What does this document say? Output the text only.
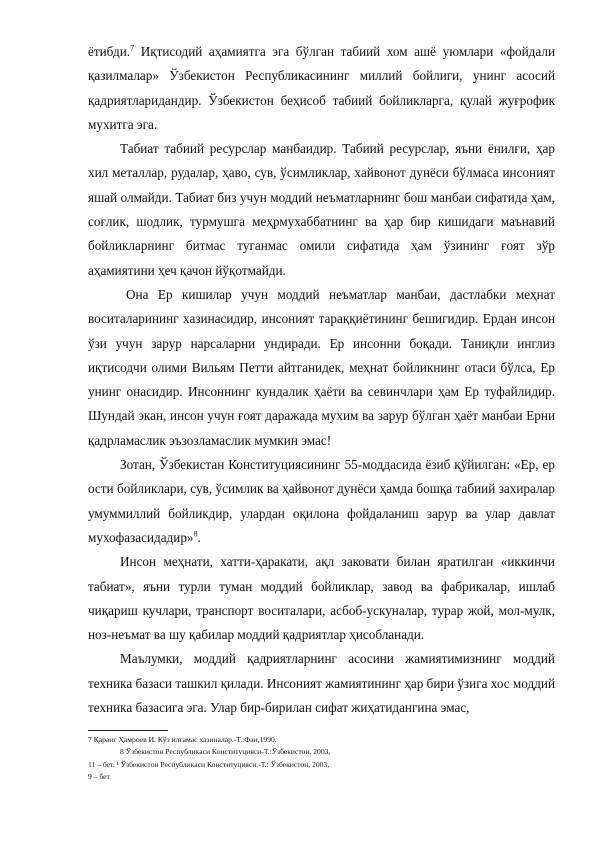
ётибди.$^7$ Иқтисодий аҳамиятга эга бўлган табиий хом ашё уюмлари «фойдали қазилмалар» Ўзбекистон Республикасининг миллий бойлиги, унинг асосий қадриятларидандир. Ўзбекистон беҳисоб табиий бойликларга, қулай жуғрофик мухитга эга.

Табиат табиий ресурслар манбаидир. Табиий ресурслар, яъни ёнилғи, ҳар хил металлар, рудалар, ҳаво, сув, ўсимликлар, хайвонот дунёси бўлмаса инсоният яшай олмайди. Табиат биз учун моддий неъматларнинг бош манбаи сифатида ҳам, соғлик, шодлик, турмушга меҳрмухаббатнинг ва ҳар бир кишидаги маънавий бойликларнинг битмас туганмас омили сифатида ҳам ўзининг ғоят зўр аҳамиятини ҳеч қачон йўқотмайди.

Она Ер кишилар учун моддий неъматлар манбаи, дастлабки меҳнат воситаларининг хазинасидир, инсоният тараққиётининг бешигидир. Ердан инсон ўзи учун зарур нарсаларни ундиради. Ер инсонни боқади. Таниқли инглиз иқтисодчи олими Вильям Петти айтганидек, меҳнат бойликнинг отаси бўлса, Ер унинг онасидир. Инсоннинг кундалик ҳаёти ва севинчлари ҳам Ер туфайлидир. Шундай экан, инсон учун ғоят даражада мухим ва зарур бўлган ҳаёт манбаи Ерни қадрламаслик эъзозламаслик мумкин эмас!

Зотан, Ўзбекистан Конституциясининг 55-моддасида ёзиб қўйилган: «Ер, ер ости бойликлари, сув, ўсимлик ва ҳайвонот дунёси ҳамда бошқа табиий захиралар умуммиллий бойликдир, улардан оқилона фойдаланиш зарур ва улар давлат мухофазасидадир»$^8$.

Инсон меҳнати, хатти-ҳаракати, ақл заковати билан яратилган «иккинчи табиат», яъни турли туман моддий бойликлар, завод ва фабрикалар, ишлаб чиқариш кучлари, транспорт воситалари, асбоб-ускуналар, турар жой, мол-мулк, ноз-неъмат ва шу қабилар моддий қадриятлар ҳисобланади.

Маълумки, моддий қадриятларнинг асосини жамиятимизнинг моддий техника базаси ташкил қилади. Инсоният жамиятининг ҳар бири ўзига хос моддий техника базасига эга. Улар бир-бирилан сифат жиҳатидангина эмас,

7 Қаранг Ҳамроев И. Кўз илғамас хазиналар.-Т.:Фан,1990.
8 Ўзбекистон Республикаси Конституцияси-Т.:Ўзбекистон, 2003,
11 – бет. ¹ Ўзбекистон Республикаси Конституцияси.-Т.: Ўзбекистон, 2003,
9 – бет
